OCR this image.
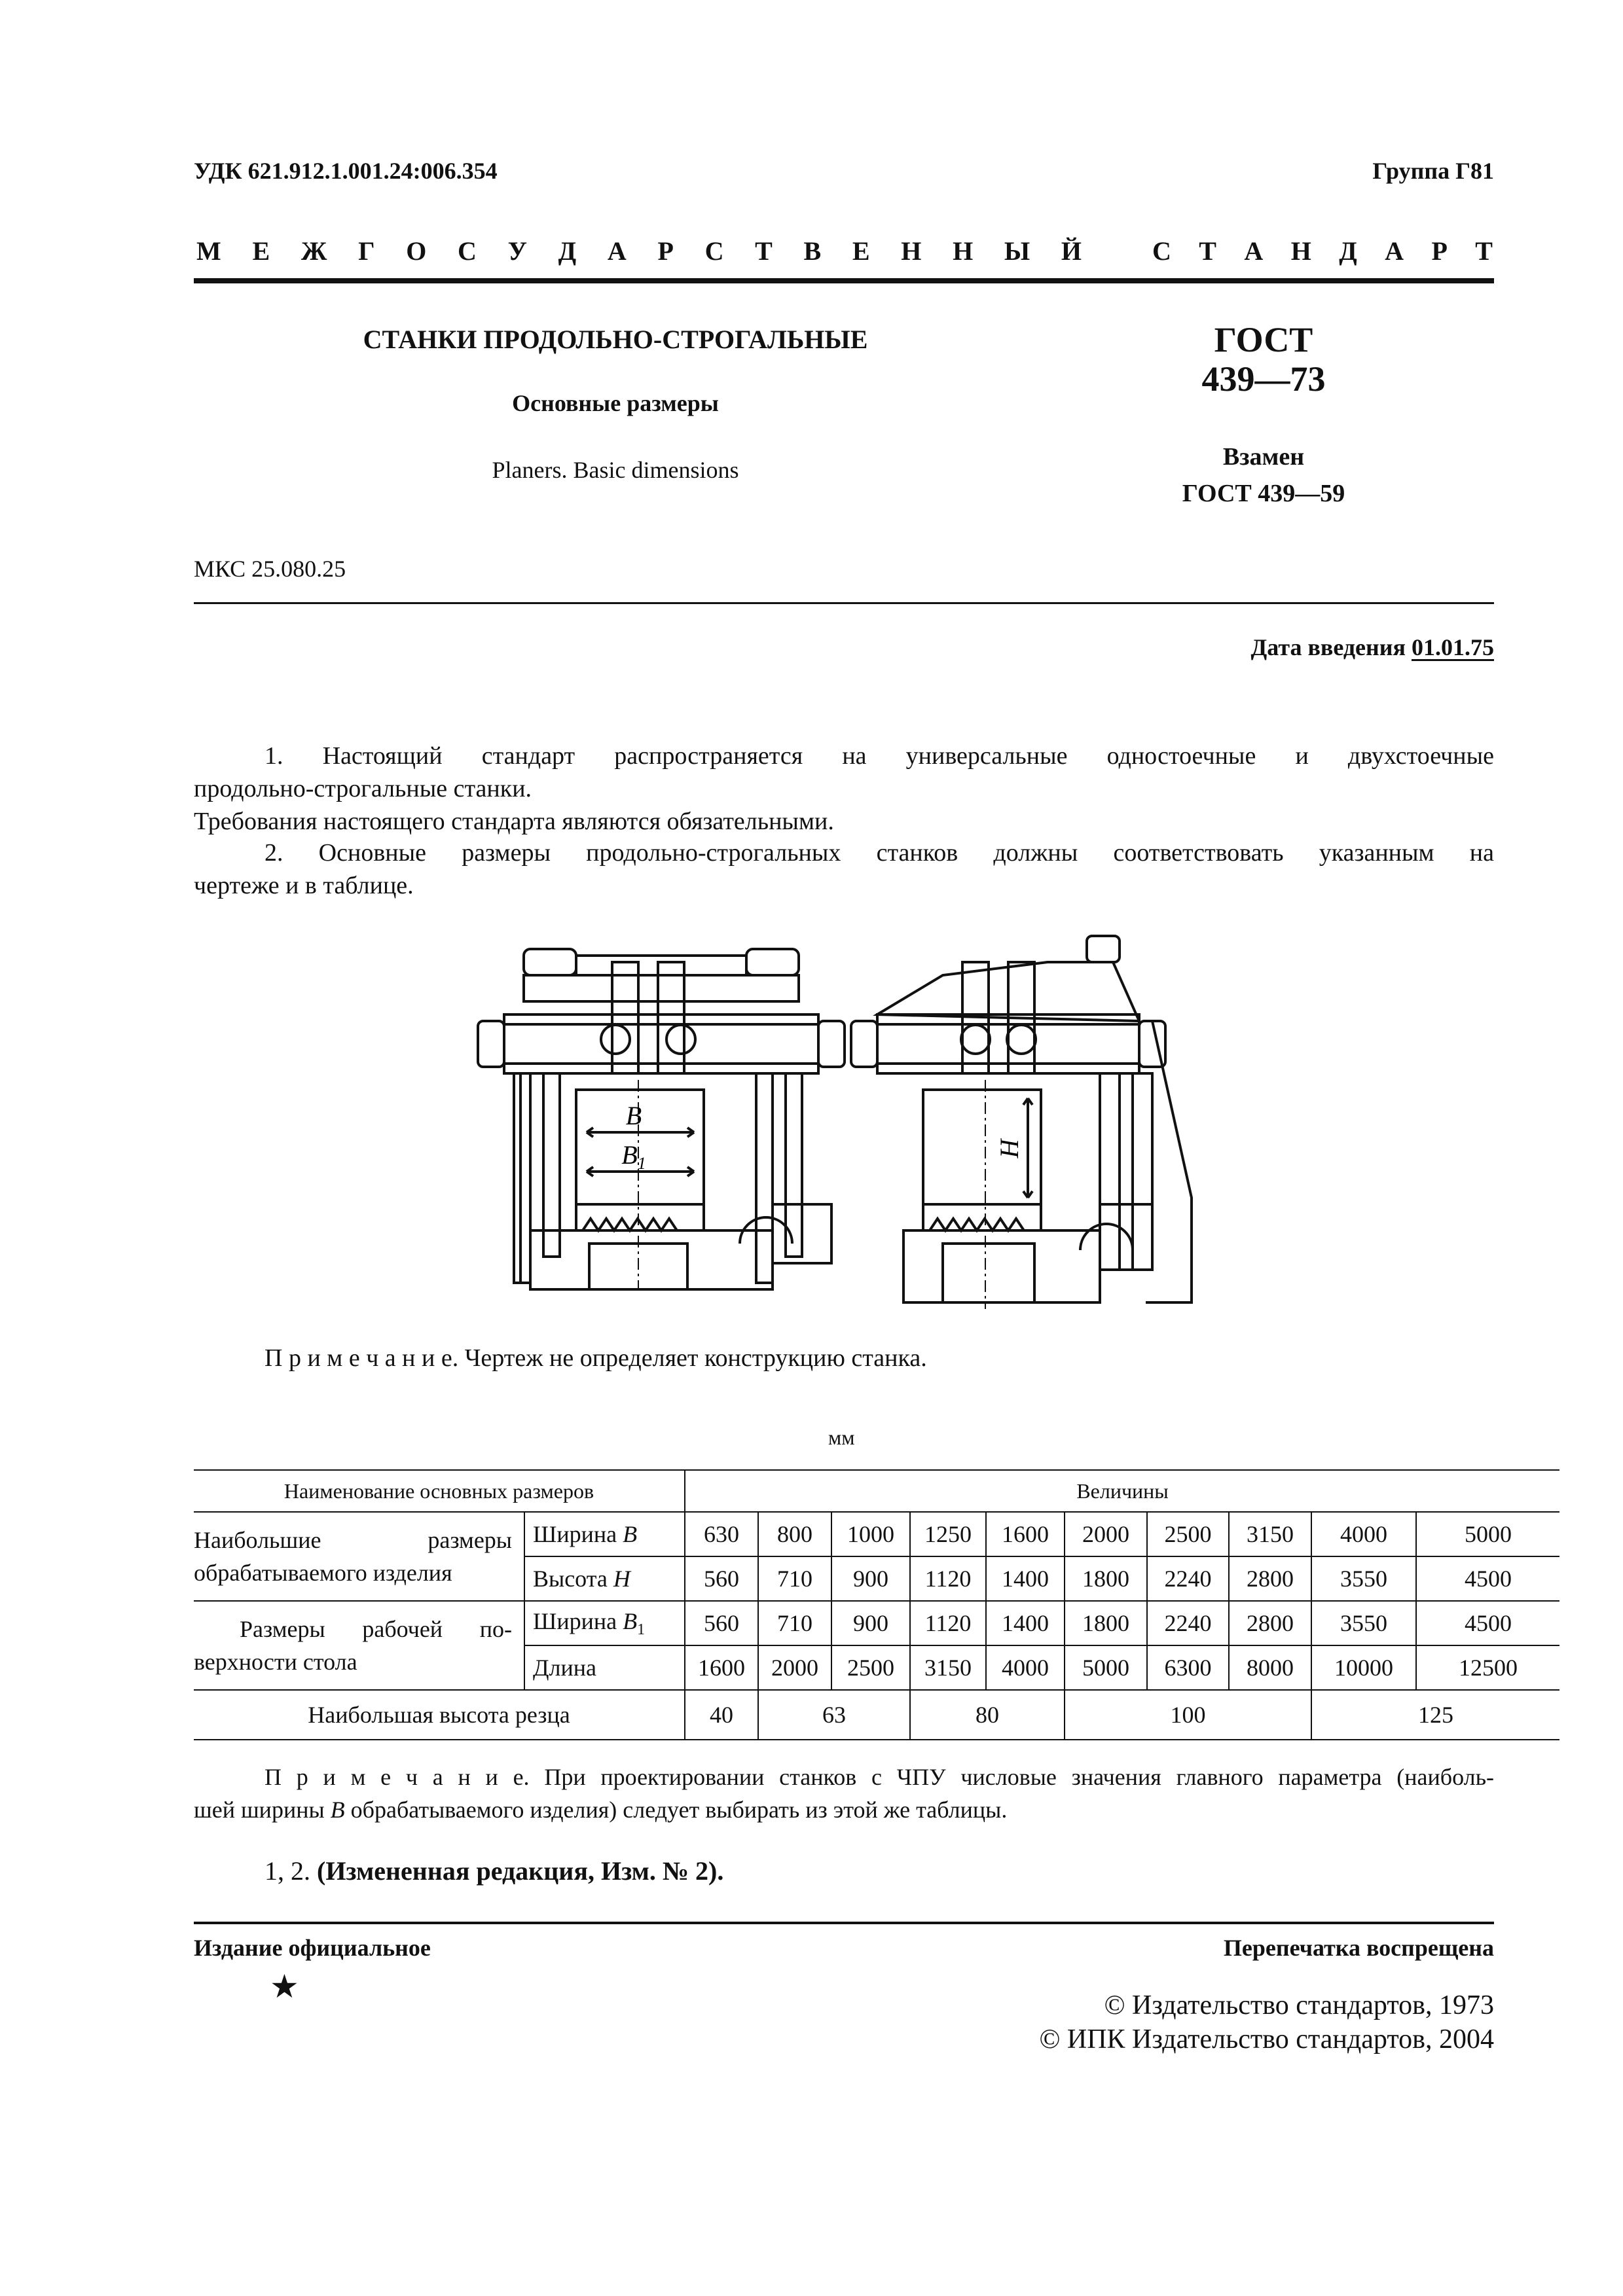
УДК 621.912.1.001.24:006.354	Группа Г81
М Е Ж Г О С У Д А Р С Т В Е Н Н Ы Й	С Т А Н Д А Р Т
СТАНКИ ПРОДОЛЬНО-СТРОГАЛЬНЫЕ
Основные размеры
Planers. Basic dimensions
ГОСТ
439—73
Взамен
ГОСТ 439—59
МКС 25.080.25
Дата введения 01.01.75
1. Настоящий стандарт распространяется на универсальные одностоечные и двухстоечные
продольно-строгальные станки.
Требования настоящего стандарта являются обязательными.
2. Основные размеры продольно-строгальных станков должны соответствовать указанным на
чертеже и в таблице.
B
$B_1$
H
П р и м е ч а н и е. Чертеж не определяет конструкцию станка.
мм
Наименование основных размеров		Величины									

Наибольшие размеры
обрабатываемого изделия	Ширина B	630	800	1000	1250	1600	2000	2500	3150	4000	5000
	Высота H	560	710	900	1120	1400	1800	2240	2800	3550	4500

Размеры рабочей по-
верхности стола	Ширина $B_1$	560	710	900	1120	1400	1800	2240	2800	3550	4500
	Длина	1600	2000	2500	3150	4000	5000	6300	8000	10000	12500
Наибольшая высота резца		40	63		80		100			125	
П р и м е ч а н и е. При проектировании станков с ЧПУ числовые значения главного параметра (наиболь-
шей ширины B обрабатываемого изделия) следует выбирать из этой же таблицы.
1, 2. (Измененная редакция, Изм. № 2).
Издание официальное	Перепечатка воспрещена
★
© Издательство стандартов, 1973
© ИПК Издательство стандартов, 2004
